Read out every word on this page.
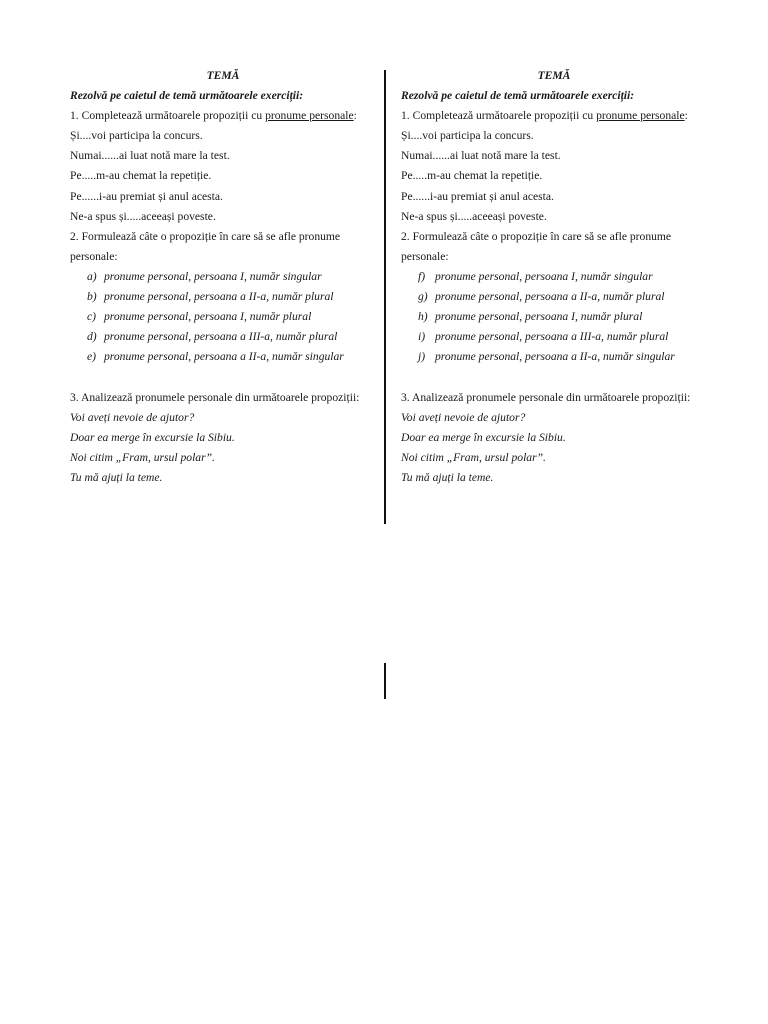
TEMĂ

Rezolvă pe caietul de temă următoarele exerciții:

1. Completează următoarele propoziții cu pronume personale:

Și....voi participa la concurs.

Numai......ai luat notă mare la test.

Pe.....m-au chemat la repetiție.

Pe......i-au premiat și anul acesta.

Ne-a spus și.....aceeași poveste.

2. Formulează câte o propoziție în care să se afle pronume

personale:

a) pronume personal, persoana I, număr singular
b) pronume personal, persoana a II-a, număr plural
c) pronume personal, persoana I, număr plural
d) pronume personal, persoana a III-a, număr plural
e) pronume personal, persoana a II-a, număr singular

3. Analizează pronumele personale din următoarele propoziții:

Voi aveți nevoie de ajutor?

Doar ea merge în excursie la Sibiu.

Noi citim „Fram, ursul polar”.

Tu mă ajuți la teme.

TEMĂ

Rezolvă pe caietul de temă următoarele exerciții:

1. Completează următoarele propoziții cu pronume personale:

Și....voi participa la concurs.

Numai......ai luat notă mare la test.

Pe.....m-au chemat la repetiție.

Pe......i-au premiat și anul acesta.

Ne-a spus și.....aceeași poveste.

2. Formulează câte o propoziție în care să se afle pronume

personale:

f) pronume personal, persoana I, număr singular
g) pronume personal, persoana a II-a, număr plural
h) pronume personal, persoana I, număr plural
i) pronume personal, persoana a III-a, număr plural
j) pronume personal, persoana a II-a, număr singular

3. Analizează pronumele personale din următoarele propoziții:

Voi aveți nevoie de ajutor?

Doar ea merge în excursie la Sibiu.

Noi citim „Fram, ursul polar”.

Tu mă ajuți la teme.
